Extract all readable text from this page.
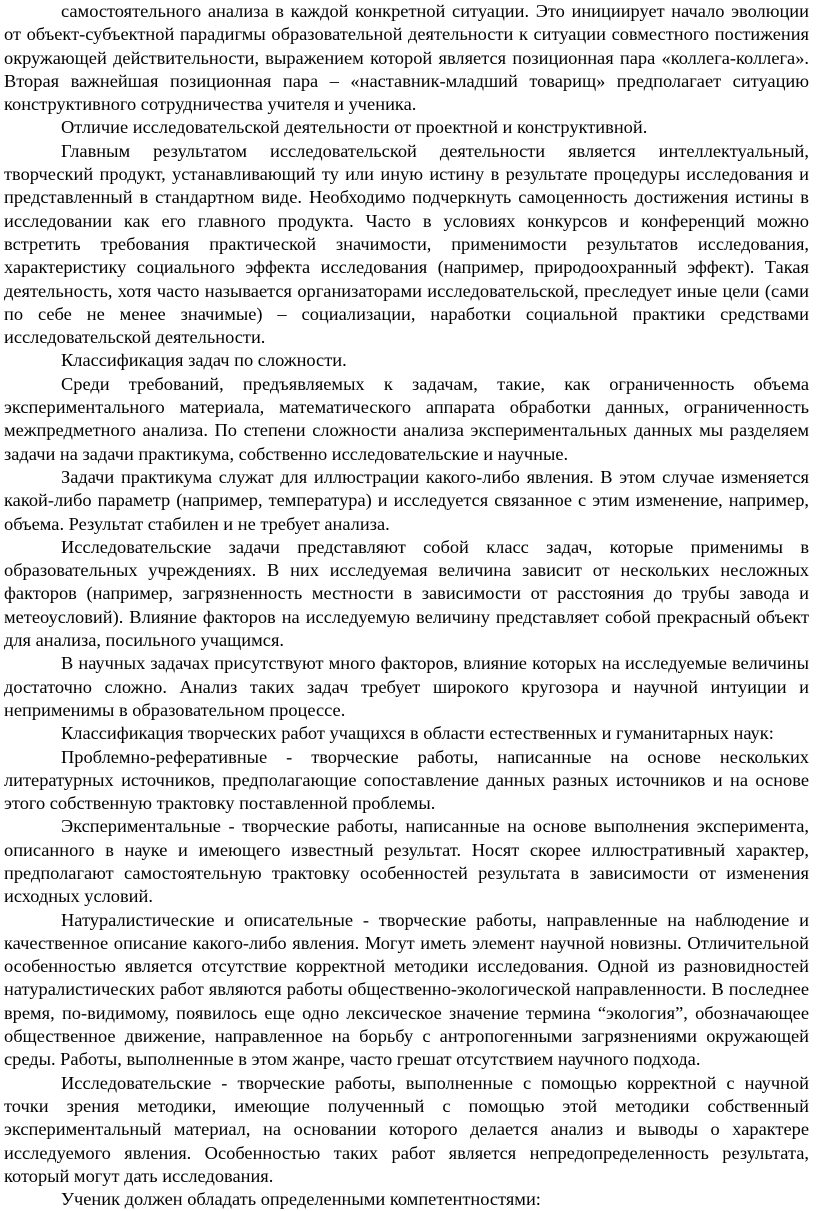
самостоятельного анализа в каждой конкретной ситуации. Это инициирует начало эволюции от объект-субъектной парадигмы образовательной деятельности к ситуации совместного постижения окружающей действительности, выражением которой является позиционная пара «коллега-коллега». Вторая важнейшая позиционная пара – «наставник-младший товарищ» предполагает ситуацию конструктивного сотрудничества учителя и ученика.

Отличие исследовательской деятельности от проектной и конструктивной.

Главным результатом исследовательской деятельности является интеллектуальный, творческий продукт, устанавливающий ту или иную истину в результате процедуры исследования и представленный в стандартном виде. Необходимо подчеркнуть самоценность достижения истины в исследовании как его главного продукта. Часто в условиях конкурсов и конференций можно встретить требования практической значимости, применимости результатов исследования, характеристику социального эффекта исследования (например, природоохранный эффект). Такая деятельность, хотя часто называется организаторами исследовательской, преследует иные цели (сами по себе не менее значимые) – социализации, наработки социальной практики средствами исследовательской деятельности.

Классификация задач по сложности.

Среди требований, предъявляемых к задачам, такие, как ограниченность объема экспериментального материала, математического аппарата обработки данных, ограниченность межпредметного анализа. По степени сложности анализа экспериментальных данных мы разделяем задачи на задачи практикума, собственно исследовательские и научные.

Задачи практикума служат для иллюстрации какого-либо явления. В этом случае изменяется какой-либо параметр (например, температура) и исследуется связанное с этим изменение, например, объема. Результат стабилен и не требует анализа.

Исследовательские задачи представляют собой класс задач, которые применимы в образовательных учреждениях. В них исследуемая величина зависит от нескольких несложных факторов (например, загрязненность местности в зависимости от расстояния до трубы завода и метеоусловий). Влияние факторов на исследуемую величину представляет собой прекрасный объект для анализа, посильного учащимся.

В научных задачах присутствуют много факторов, влияние которых на исследуемые величины достаточно сложно. Анализ таких задач требует широкого кругозора и научной интуиции и неприменимы в образовательном процессе.

Классификация творческих работ учащихся в области естественных и гуманитарных наук:

Проблемно-реферативные - творческие работы, написанные на основе нескольких литературных источников, предполагающие сопоставление данных разных источников и на основе этого собственную трактовку поставленной проблемы.

Экспериментальные - творческие работы, написанные на основе выполнения эксперимента, описанного в науке и имеющего известный результат. Носят скорее иллюстративный характер, предполагают самостоятельную трактовку особенностей результата в зависимости от изменения исходных условий.

Натуралистические и описательные - творческие работы, направленные на наблюдение и качественное описание какого-либо явления. Могут иметь элемент научной новизны. Отличительной особенностью является отсутствие корректной методики исследования. Одной из разновидностей натуралистических работ являются работы общественно-экологической направленности. В последнее время, по-видимому, появилось еще одно лексическое значение термина “экология”, обозначающее общественное движение, направленное на борьбу с антропогенными загрязнениями окружающей среды. Работы, выполненные в этом жанре, часто грешат отсутствием научного подхода.

Исследовательские - творческие работы, выполненные с помощью корректной с научной точки зрения методики, имеющие полученный с помощью этой методики собственный экспериментальный материал, на основании которого делается анализ и выводы о характере исследуемого явления. Особенностью таких работ является непредопределенность результата, который могут дать исследования.

Ученик должен обладать определенными компетентностями:
